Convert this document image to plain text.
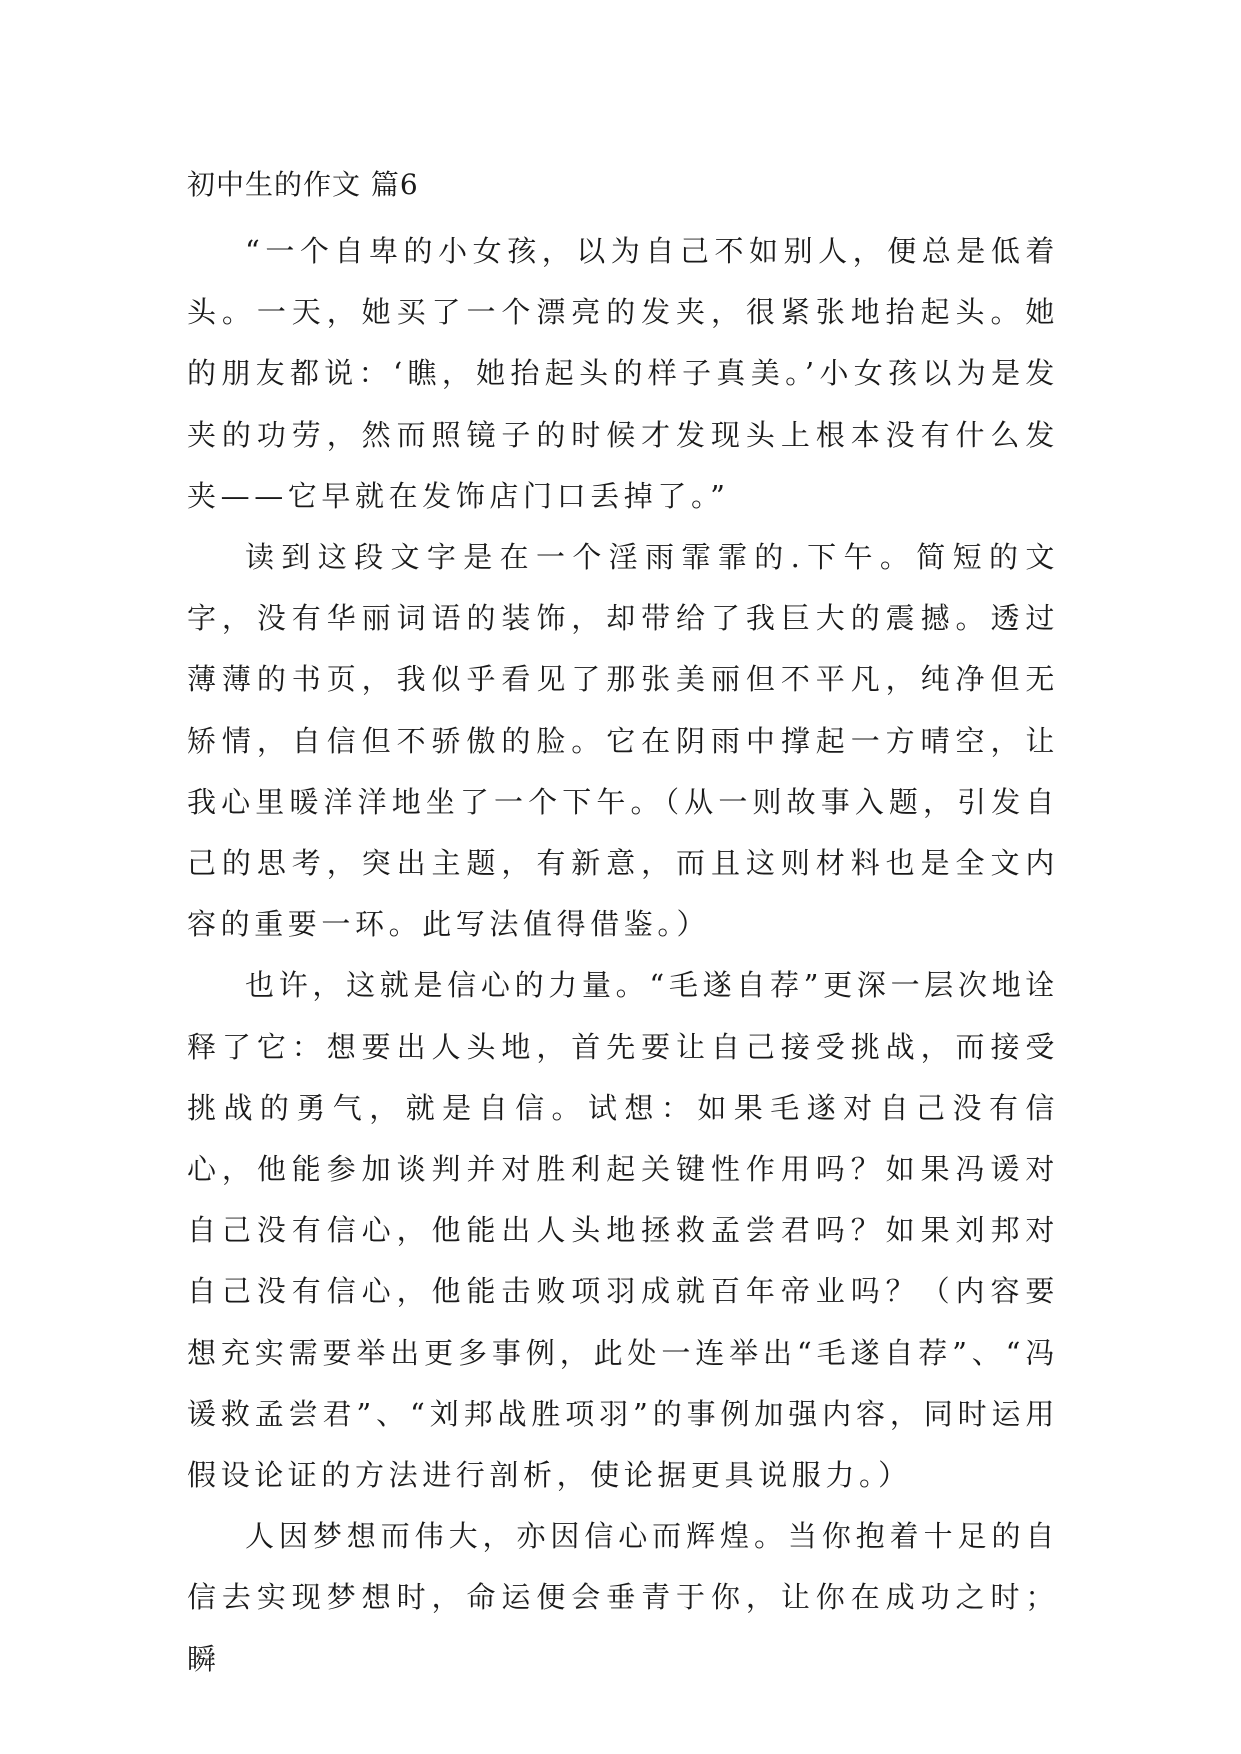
初中生的作文 篇6

“一个自卑的小女孩，以为自己不如别人，便总是低着头。一天，她买了一个漂亮的发夹，很紧张地抬起头。她的朋友都说：‘瞧，她抬起头的样子真美。’小女孩以为是发夹的功劳，然而照镜子的时候才发现头上根本没有什么发夹——它早就在发饰店门口丢掉了。”

读到这段文字是在一个淫雨霏霏的.下午。简短的文字，没有华丽词语的装饰，却带给了我巨大的震撼。透过薄薄的书页，我似乎看见了那张美丽但不平凡，纯净但无矫情，自信但不骄傲的脸。它在阴雨中撑起一方晴空，让我心里暖洋洋地坐了一个下午。（从一则故事入题，引发自己的思考，突出主题，有新意，而且这则材料也是全文内容的重要一环。此写法值得借鉴。）

也许，这就是信心的力量。“毛遂自荐”更深一层次地诠释了它：想要出人头地，首先要让自己接受挑战，而接受挑战的勇气，就是自信。试想：如果毛遂对自己没有信心，他能参加谈判并对胜利起关键性作用吗？如果冯谖对自己没有信心，他能出人头地拯救孟尝君吗？如果刘邦对自己没有信心，他能击败项羽成就百年帝业吗？（内容要想充实需要举出更多事例，此处一连举出“毛遂自荐”、“冯谖救孟尝君”、“刘邦战胜项羽”的事例加强内容，同时运用假设论证的方法进行剖析，使论据更具说服力。）

人因梦想而伟大，亦因信心而辉煌。当你抱着十足的自信去实现梦想时，命运便会垂青于你，让你在成功之时；瞬
